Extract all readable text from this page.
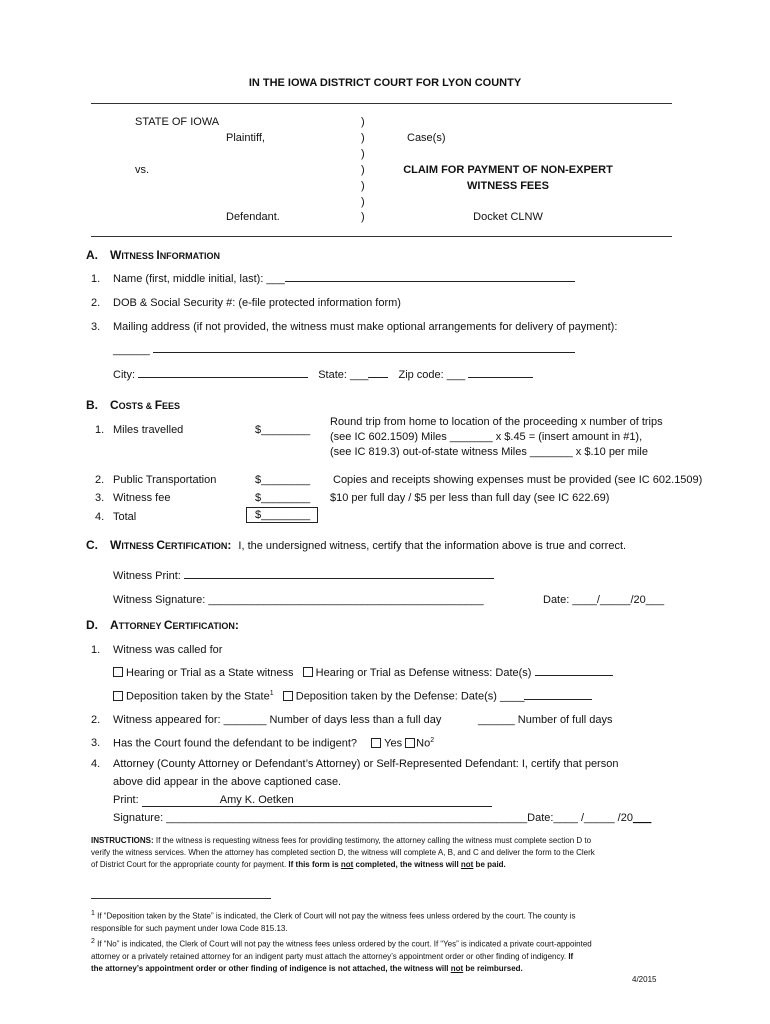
IN THE IOWA DISTRICT COURT FOR LYON COUNTY
STATE OF IOWA
Plaintiff,
vs.
Defendant.
)
)
)
)
)
)
)
Case(s)
CLAIM FOR PAYMENT OF NON-EXPERT
WITNESS FEES
Docket CLNW
A. WITNESS INFORMATION
1. Name (first, middle initial, last): ___
2. DOB & Social Security #: (e-file protected information form)
3. Mailing address (if not provided, the witness must make optional arrangements for delivery of payment):
______
City:	State: ___	Zip code: ___
B. COSTS & FEES
1. Miles travelled	$________
Round trip from home to location of the proceeding x number of trips
(see IC 602.1509) Miles _______ x $.45 = (insert amount in #1),
(see IC 819.3) out-of-state witness Miles _______ x $.10 per mile
2. Public Transportation	$________ Copies and receipts showing expenses must be provided (see IC 602.1509)
3. Witness fee	$________ $10 per full day / $5 per less than full day (see IC 622.69)
4. Total	$________
C. WITNESS CERTIFICATION: I, the undersigned witness, certify that the information above is true and correct.
Witness Print:
Witness Signature: _____________________________________________	Date: ____/_____/20___
D. ATTORNEY CERTIFICATION:
1. Witness was called for
Hearing or Trial as a State witness Hearing or Trial as Defense witness: Date(s)
Deposition taken by the State$^1$ Deposition taken by the Defense: Date(s) ____
2. Witness appeared for: _______ Number of days less than a full day	______ Number of full days
3. Has the Court found the defendant to be indigent? Yes No$^2$
4. Attorney (County Attorney or Defendant’s Attorney) or Self-Represented Defendant: I, certify that person
above did appear in the above captioned case.
Print:	Amy K. Oetken

Signature: ___________________________________________________________Date:____ /_____ /20___
INSTRUCTIONS: If the witness is requesting witness fees for providing testimony, the attorney calling the witness must complete section D to
verify the witness services. When the attorney has completed section D, the witness will complete A, B, and C and deliver the form to the Clerk
of District Court for the appropriate county for payment. If this form is not completed, the witness will not be paid.
$^1$ If “Deposition taken by the State” is indicated, the Clerk of Court will not pay the witness fees unless ordered by the court. The county is
responsible for such payment under Iowa Code 815.13.
$^2$ If “No” is indicated, the Clerk of Court will not pay the witness fees unless ordered by the court. If “Yes” is indicated a private court-appointed
attorney or a privately retained attorney for an indigent party must attach the attorney’s appointment order or other finding of indigency. If
the attorney’s appointment order or other finding of indigence is not attached, the witness will not be reimbursed.
4/2015
